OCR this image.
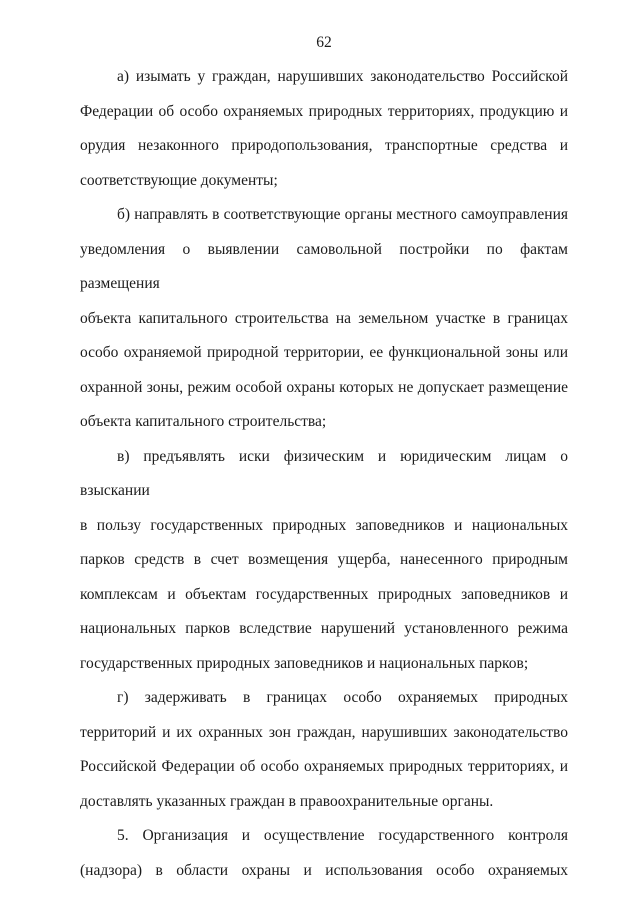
62
а) изымать у граждан, нарушивших законодательство Российской
Федерации об особо охраняемых природных территориях, продукцию и
орудия незаконного природопользования, транспортные средства и
соответствующие документы;
б) направлять в соответствующие органы местного самоуправления
уведомления о выявлении самовольной постройки по фактам размещения
объекта капитального строительства на земельном участке в границах
особо охраняемой природной территории, ее функциональной зоны или
охранной зоны, режим особой охраны которых не допускает размещение
объекта капитального строительства;
в) предъявлять иски физическим и юридическим лицам о взыскании
в пользу государственных природных заповедников и национальных
парков средств в счет возмещения ущерба, нанесенного природным
комплексам и объектам государственных природных заповедников и
национальных парков вследствие нарушений установленного режима
государственных природных заповедников и национальных парков;
г) задерживать в границах особо охраняемых природных
территорий и их охранных зон граждан, нарушивших законодательство
Российской Федерации об особо охраняемых природных территориях, и
доставлять указанных граждан в правоохранительные органы.
5. Организация и осуществление государственного контроля
(надзора) в области охраны и использования особо охраняемых
